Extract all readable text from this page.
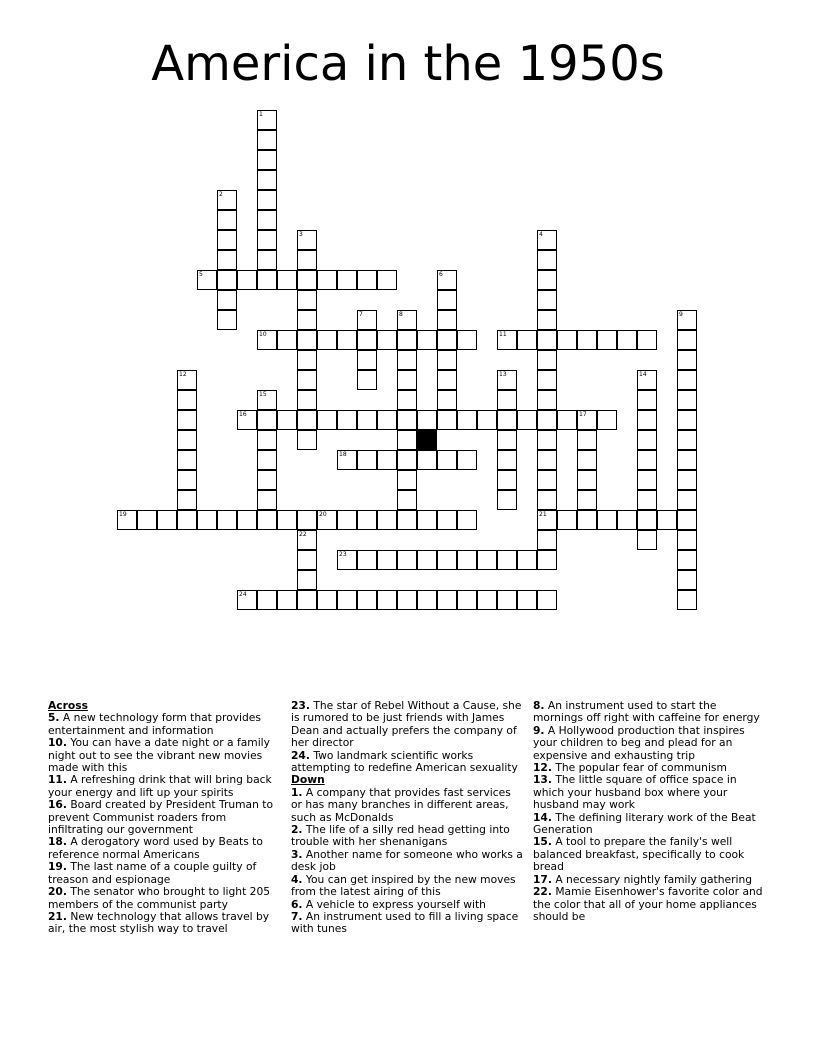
America in the 1950s
1
2
3	4
21
5	6
7	8	9
10	11
12	13	14
15
16	17
18
19	20
22
23
24
Across
5. A new technology form that provides entertainment and information
10. You can have a date night or a family night out to see the vibrant new movies made with this
11. A refreshing drink that will bring back your energy and lift up your spirits
16. Board created by President Truman to prevent Communist roaders from infiltrating our government
18. A derogatory word used by Beats to reference normal Americans
19. The last name of a couple guilty of treason and espionage
20. The senator who brought to light 205 members of the communist party
21. New technology that allows travel by air, the most stylish way to travel
23. The star of Rebel Without a Cause, she is rumored to be just friends with James Dean and actually prefers the company of her director
24. Two landmark scientific works attempting to redefine American sexuality
Down
1. A company that provides fast services or has many branches in different areas, such as McDonalds
2. The life of a silly red head getting into trouble with her shenanigans
3. Another name for someone who works a desk job
4. You can get inspired by the new moves from the latest airing of this
6. A vehicle to express yourself with
7. An instrument used to fill a living space with tunes
8. An instrument used to start the mornings off right with caffeine for energy
9. A Hollywood production that inspires your children to beg and plead for an expensive and exhausting trip
12. The popular fear of communism
13. The little square of office space in which your husband box where your husband may work
14. The defining literary work of the Beat Generation
15. A tool to prepare the fanily's well balanced breakfast, specifically to cook bread
17. A necessary nightly family gathering
22. Mamie Eisenhower's favorite color and the color that all of your home appliances should be
